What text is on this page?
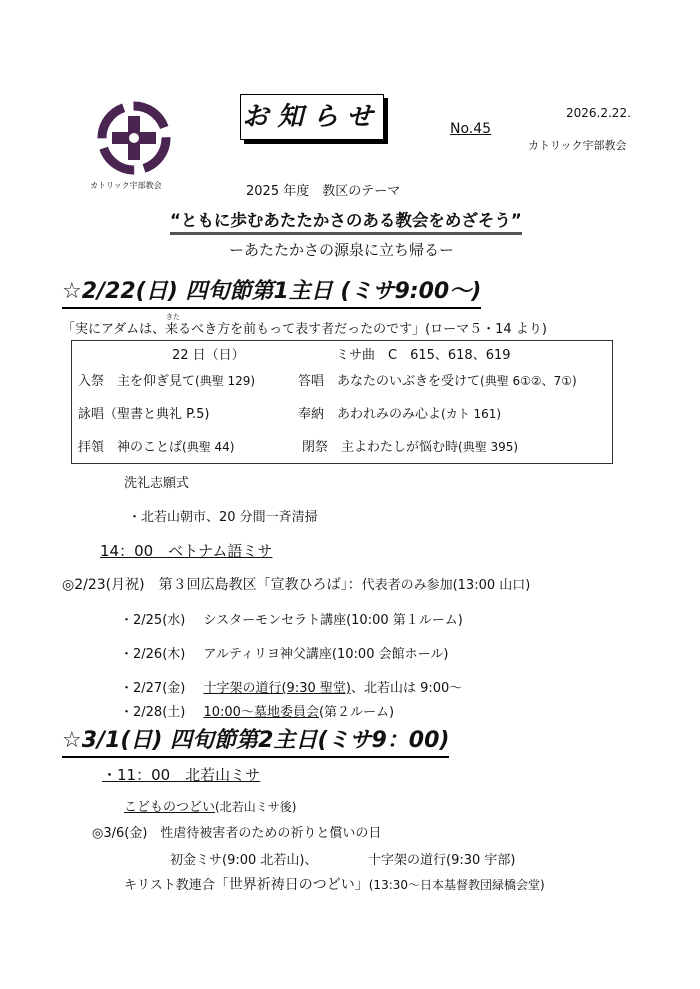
カトリック宇部教会
お知らせ	No.45
2026.2.22.
カトリック宇部教会
2025 年度　教区のテーマ
“ともに歩むあたたかさのある教会をめざそう”
ーあたたかさの源泉に立ち帰るー
☆2/22(日) 四旬節第1主日 (ミサ9:00～)
きた
「実にアダムは、来るべき方を前もって表す者だったのです」(ローマ５・14 より)
22 日（日）	ミサ曲　C　615、618、619
入祭　主を仰ぎ見て(典聖 129)	答唱　あなたのいぶきを受けて(典聖 6①②、7①)
詠唱（聖書と典礼 P.5)	奉納　あわれみのみ心よ(カト 161)
拝領　神のことば(典聖 44)	閉祭　主よわたしが悩む時(典聖 395)
洗礼志願式
・北若山朝市、20 分間一斉清掃
14：00　ベトナム語ミサ
◎2/23(月祝)　第３回広島教区「宣教ひろば」：代表者のみ参加(13:00 山口)
・2/25(水) シスターモンセラト講座(10:00 第１ルーム)
・2/26(木) アルティリヨ神父講座(10:00 会館ホール)
・2/27(金) 十字架の道行(9:30 聖堂)、北若山は 9:00～
・2/28(土) 10:00～墓地委員会(第２ルーム)
☆3/1(日) 四旬節第2主日(ミサ9：00)
・11：00　北若山ミサ
こどものつどい(北若山ミサ後)
◎3/6(金)　性虐待被害者のための祈りと償いの日
初金ミサ(9:00 北若山)、	十字架の道行(9:30 宇部)
キリスト教連合「世界祈祷日のつどい」(13:30～日本基督教団緑橋会堂)
